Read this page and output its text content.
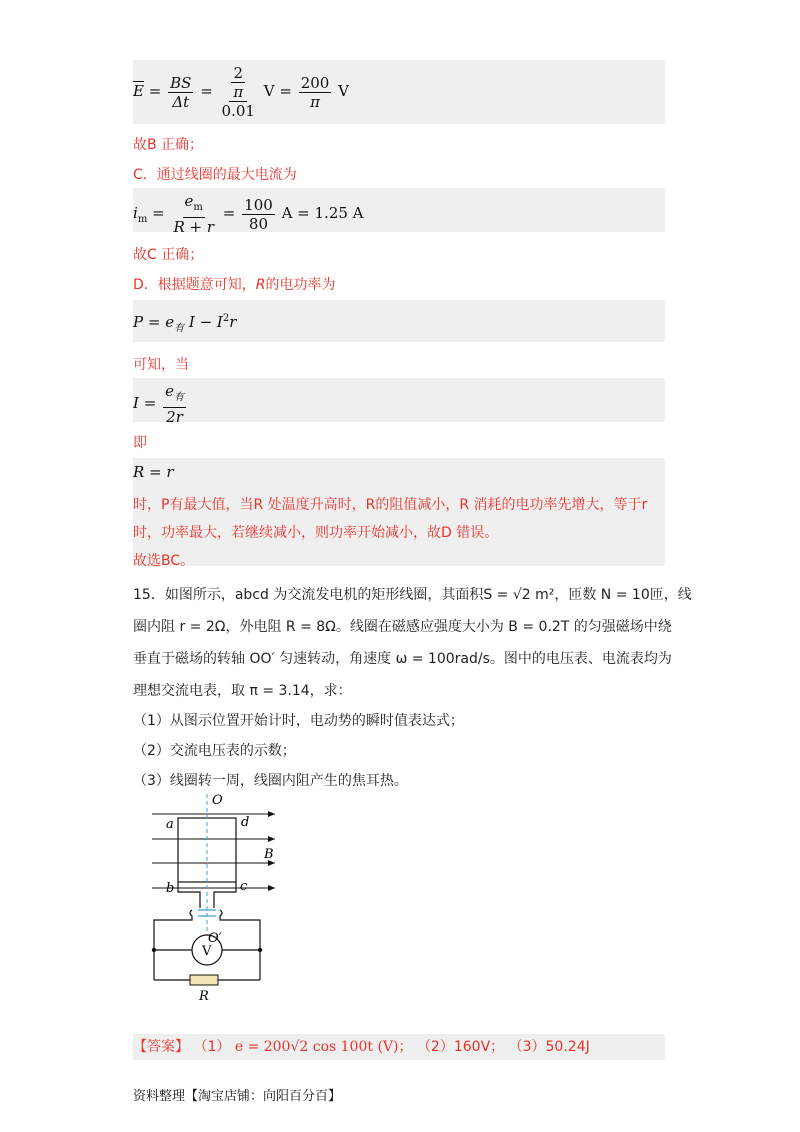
$\overline{E} = \frac{BS}{\Delta t} = \frac{\frac{2}{\pi}}{0.01}$ $V = \frac{200}{\pi}$ V
故B 正确；
C．通过线圈的最大电流为
$i_m = \frac{e_m}{R + r} = \frac{100}{80}$ A = 1.25 A
故C 正确；
D．根据题意可知，R的电功率为
$P = e_有$ $I - I^2r$
可知，当
$I = \frac{e_有}{2r}$
即
R = r
时，P有最大值，当R 处温度升高时，R的阻值减小，R 消耗的电功率先增大，等于r
时，功率最大，若继续减小，则功率开始减小，故D 错误。
故选BC。
15．如图所示，abcd 为交流发电机的矩形线圈，其面积S = √2 m²，匝数 N = 10匝，线
圈内阻 r = 2Ω，外电阻 R = 8Ω。线圈在磁感应强度大小为 B = 0.2T 的匀强磁场中绕
垂直于磁场的转轴 OO′ 匀速转动，角速度 ω = 100rad/s。图中的电压表、电流表均为
理想交流电表，取 π = 3.14，求：
（1）从图示位置开始计时，电动势的瞬时值表达式；
（2）交流电压表的示数；
（3）线圈转一周，线圈内阻产生的焦耳热。
O
a	d
B
b	c
O′
V
R
【答案】 （1） e = 200√2 cos 100t (V)； （2）160V； （3）50.24J
资料整理【淘宝店铺：向阳百分百】
